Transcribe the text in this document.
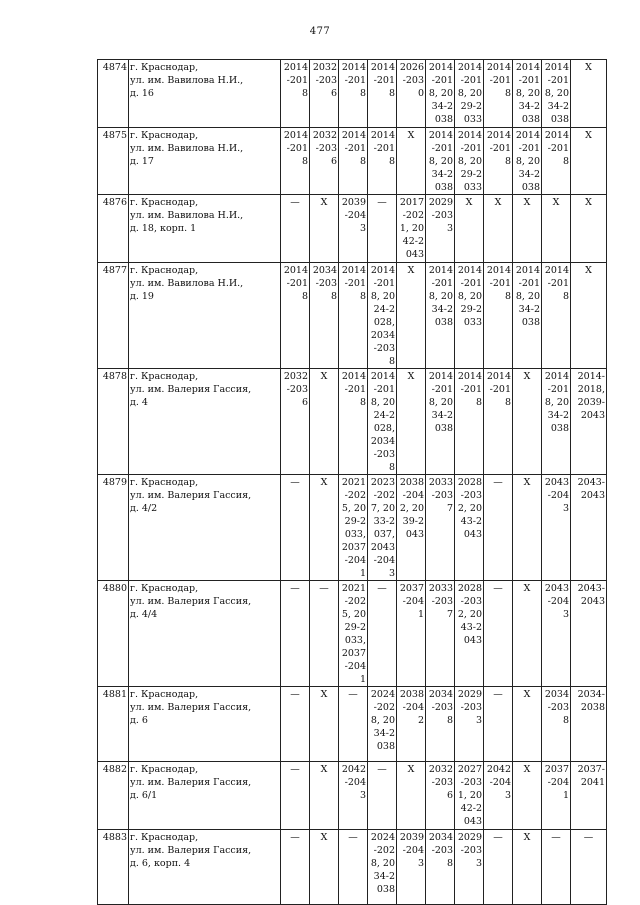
477
4874	г. Краснодар,
ул. им. Вавилова Н.И.,
д. 16	2014-2018	2032-2036	2014-2018	2014-2018	2026-2030	2014-2018, 2034-2038	2014-2018, 2029-2033	2014-2018	2014-2018, 2034-2038	2014-2018, 2034-2038	X
4875	г. Краснодар,
ул. им. Вавилова Н.И.,
д. 17	2014-2018	2032-2036	2014-2018	2014-2018	X	2014-2018, 2034-2038	2014-2018, 2029-2033	2014-2018	2014-2018, 2034-2038	2014-2018	X
4876	г. Краснодар,
ул. им. Вавилова Н.И.,
д. 18, корп. 1	—	X	2039-2043	—	2017-2021, 2042-2043	2029-2033	X	X	X	X	X
4877	г. Краснодар,
ул. им. Вавилова Н.И.,
д. 19	2014-2018	2034-2038	2014-2018	2014-2018, 2024-2028, 2034-2038	X	2014-2018, 2034-2038	2014-2018, 2029-2033	2014-2018	2014-2018, 2034-2038	2014-2018	X
4878	г. Краснодар,
ул. им. Валерия Гассия,
д. 4	2032-2036	X	2014-2018	2014-2018, 2024-2028, 2034-2038	X	2014-2018, 2034-2038	2014-2018	2014-2018	X	2014-2018, 2034-2038	2014-2018, 2039-2043
4879	г. Краснодар,
ул. им. Валерия Гассия,
д. 4/2	—	X	2021-2025, 2029-2033, 2037-2041	2023-2027, 2033-2037, 2043-2043	2038-2042, 2039-2043	2033-2037	2028-2032, 2043-2043	—	X	2043-2043	2043-2043
4880	г. Краснодар,
ул. им. Валерия Гассия,
д. 4/4	—	—	2021-2025, 2029-2033, 2037-2041	—	2037-2041	2033-2037	2028-2032, 2043-2043	—	X	2043-2043	2043-2043
4881	г. Краснодар,
ул. им. Валерия Гассия,
д. 6	—	X	—	2024-2028, 2034-2038	2038-2042	2034-2038	2029-2033	—	X	2034-2038	2034-2038
4882	г. Краснодар,
ул. им. Валерия Гассия,
д. 6/1	—	X	2042-2043	—	X	2032-2036	2027-2031, 2042-2043	2042-2043	X	2037-2041	2037-2041
4883	г. Краснодар,
ул. им. Валерия Гассия,
д. 6, корп. 4	—	X	—	2024-2028, 2034-2038	2039-2043	2034-2038	2029-2033	—	X	—	—
